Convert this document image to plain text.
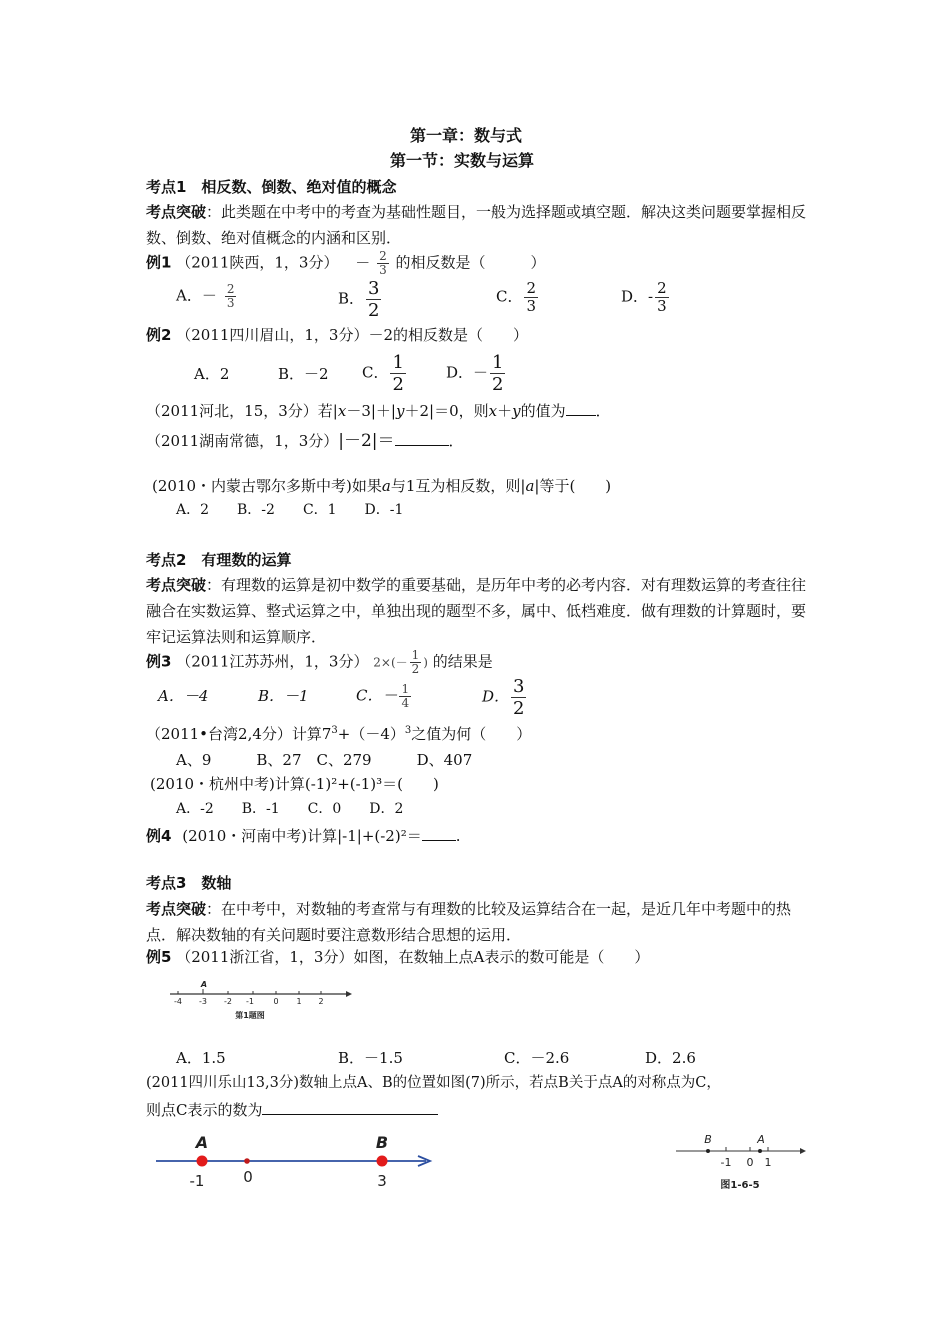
第一章：数与式
第一节：实数与运算
考点1　相反数、倒数、绝对值的概念
考点突破：此类题在中考中的考查为基础性题目，一般为选择题或填空题．解决这类问题要掌握相反数、倒数、绝对值概念的内涵和区别．
例1 （2011陕西，1，3分） － $\frac{2}{3}$ 的相反数是（　　　）
A．－ $\frac{2}{3}$	B． $\frac{3}{2}$	C． $\frac{2}{3}$	D．- $\frac{2}{3}$
例2 （2011四川眉山，1，3分）－2的相反数是（　　）
A．2	B．－2 C． $\frac{1}{2}$	D．－ $\frac{1}{2}$
（2011河北，15，3分）若|x－3|＋|y＋2|＝0，则x＋y的值为 ．
（2011湖南常德，1，3分）|－2|＝	．
(2010・内蒙古鄂尔多斯中考)如果a与1互为相反数，则|a|等于(　　)
A．2　　B．-2　　C．1　　D．-1
考点2　有理数的运算
考点突破：有理数的运算是初中数学的重要基础，是历年中考的必考内容．对有理数运算的考查往往融合在实数运算、整式运算之中，单独出现的题型不多，属中、低档难度．做有理数的计算题时，要牢记运算法则和运算顺序．
例3 （2011江苏苏州，1，3分） $2\times(- \frac{1}{2}$ ) 的结果是
A．－4	B．－1	C．－ $\frac{1}{4}$	D． $\frac{3}{2}$
（2011•台湾2,4分）计算$7^3+(-4)^3$之值为何（　　）
A、9　　　B、27　C、279　　　D、407
(2010・杭州中考)计算(-1)²+(-1)³＝(　　)
A．-2　　B．-1　　C．0　　D．2
例4 (2010・河南中考)计算|-1|+(-2)²＝ .
考点3　数轴
考点突破：在中考中，对数轴的考查常与有理数的比较及运算结合在一起，是近几年中考题中的热点．解决数轴的有关问题时要注意数形结合思想的运用．
例5 （2011浙江省，1，3分）如图，在数轴上点A表示的数可能是（　　）
-4 -3 -2 -1 0 1 2
A
第1题图
A．1.5	B．－1.5	C．－2.6	D．2.6
(2011四川乐山13,3分)数轴上点A、B的位置如图(7)所示，若点B关于点A的对称点为C，
则点C表示的数为
A	B
-1	0	3
B	A
-1 0 1
图1-6-5
